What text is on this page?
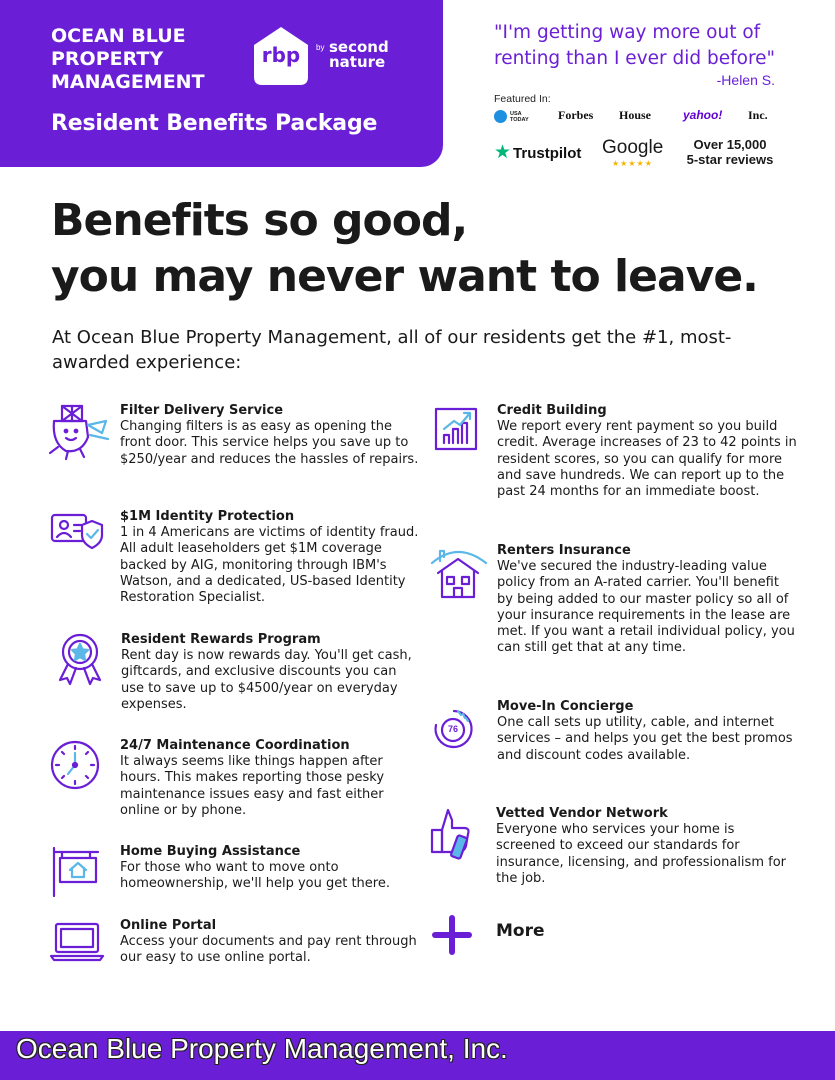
OCEAN BLUE
PROPERTY
MANAGEMENT
rbp	by second
nature
Resident Benefits Package
"I'm getting way more out of
renting than I ever did before"
-Helen S.
Featured In:
USA
TODAY Forbes House	yahoo! Inc.
★ Trustpilot Google
★★★★★
Over 15,000
5-star reviews
Benefits so good,
you may never want to leave.
At Ocean Blue Property Management, all of our residents get the #1, most-awarded experience:
Filter Delivery Service
Changing filters is as easy as opening the front door. This service helps you save up to $250/year and reduces the hassles of repairs.
$1M Identity Protection
1 in 4 Americans are victims of identity fraud. All adult leaseholders get $1M coverage backed by AIG, monitoring through IBM's Watson, and a dedicated, US-based Identity Restoration Specialist.
Resident Rewards Program
Rent day is now rewards day. You'll get cash, giftcards, and exclusive discounts you can use to save up to $4500/year on everyday expenses.
24/7 Maintenance Coordination
It always seems like things happen after hours. This makes reporting those pesky maintenance issues easy and fast either online or by phone.
Home Buying Assistance
For those who want to move onto homeownership, we'll help you get there.
Online Portal
Access your documents and pay rent through our easy to use online portal.
Credit Building
We report every rent payment so you build credit. Average increases of 23 to 42 points in resident scores, so you can qualify for more and save hundreds. We can report up to the past 24 months for an immediate boost.
Renters Insurance
We've secured the industry-leading value policy from an A-rated carrier. You'll benefit by being added to our master policy so all of your insurance requirements in the lease are met. If you want a retail individual policy, you can still get that at any time.
76
Move-In Concierge
One call sets up utility, cable, and internet services – and helps you get the best promos and discount codes available.
Vetted Vendor Network
Everyone who services your home is screened to exceed our standards for insurance, licensing, and professionalism for the job.
More
Ocean Blue Property Management, Inc.
